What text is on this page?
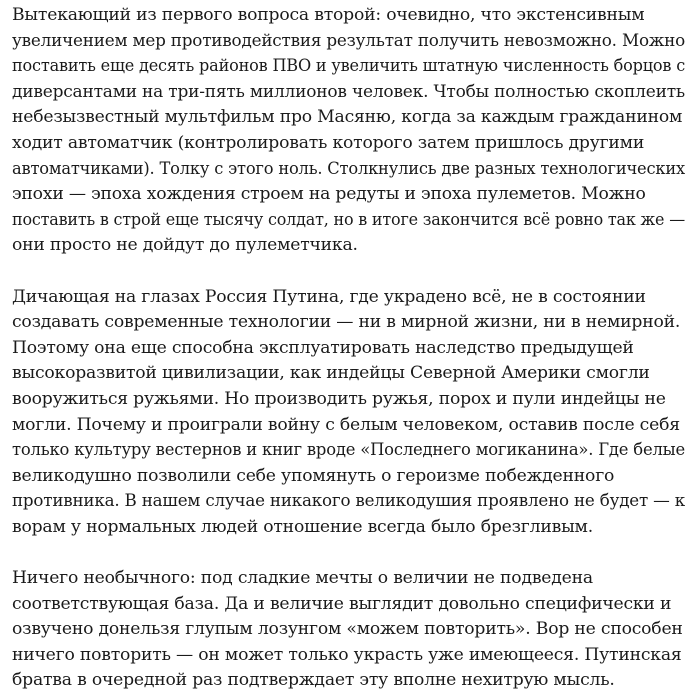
Вытекающий из первого вопроса второй: очевидно, что экстенсивным
увеличением мер противодействия результат получить невозможно. Можно
поставить еще десять районов ПВО и увеличить штатную численность борцов с
диверсантами на три-пять миллионов человек. Чтобы полностью скоплеить
небезызвестный мультфильм про Масяню, когда за каждым гражданином
ходит автоматчик (контролировать которого затем пришлось другими
автоматчиками). Толку с этого ноль. Столкнулись две разных технологических
эпохи — эпоха хождения строем на редуты и эпоха пулеметов. Можно
поставить в строй еще тысячу солдат, но в итоге закончится всё ровно так же —
они просто не дойдут до пулеметчика.

Дичающая на глазах Россия Путина, где украдено всё, не в состоянии
создавать современные технологии — ни в мирной жизни, ни в немирной.
Поэтому она еще способна эксплуатировать наследство предыдущей
высокоразвитой цивилизации, как индейцы Северной Америки смогли
вооружиться ружьями. Но производить ружья, порох и пули индейцы не
могли. Почему и проиграли войну с белым человеком, оставив после себя
только культуру вестернов и книг вроде «Последнего могиканина». Где белые
великодушно позволили себе упомянуть о героизме побежденного
противника. В нашем случае никакого великодушия проявлено не будет — к
ворам у нормальных людей отношение всегда было брезгливым.

Ничего необычного: под сладкие мечты о величии не подведена
соответствующая база. Да и величие выглядит довольно специфически и
озвучено донельзя глупым лозунгом «можем повторить». Вор не способен
ничего повторить — он может только украсть уже имеющееся. Путинская
братва в очередной раз подтверждает эту вполне нехитрую мысль.
